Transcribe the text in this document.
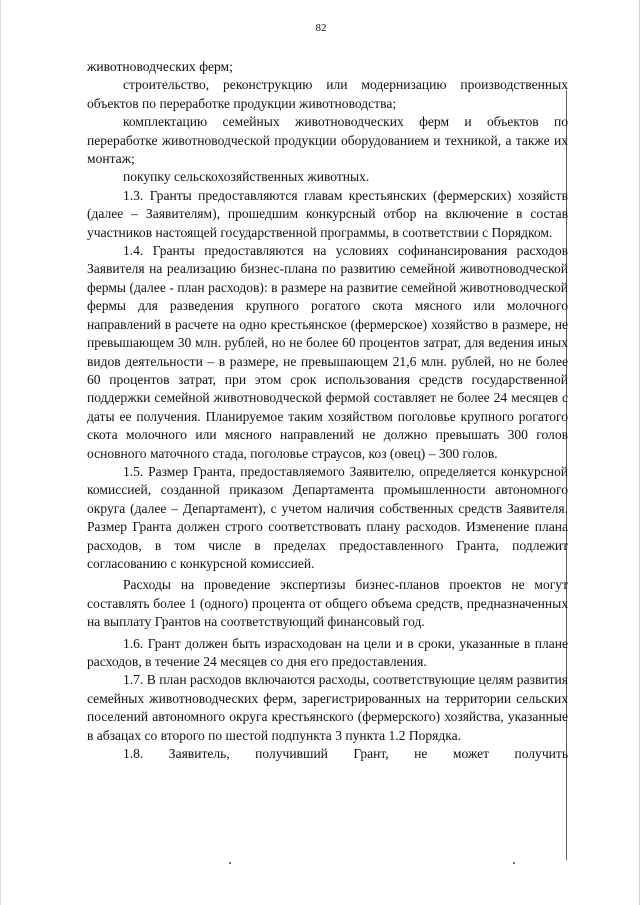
82

животноводческих ферм;

строительство, реконструкцию или модернизацию производственных объектов по переработке продукции животноводства;

комплектацию семейных животноводческих ферм и объектов по переработке животноводческой продукции оборудованием и техникой, а также их монтаж;

покупку сельскохозяйственных животных.

1.3. Гранты предоставляются главам крестьянских (фермерских) хозяйств (далее – Заявителям), прошедшим конкурсный отбор на включение в состав участников настоящей государственной программы, в соответствии с Порядком.

1.4. Гранты предоставляются на условиях софинансирования расходов Заявителя на реализацию бизнес-плана по развитию семейной животноводческой фермы (далее - план расходов): в размере на развитие семейной животноводческой фермы для разведения крупного рогатого скота мясного или молочного направлений в расчете на одно крестьянское (фермерское) хозяйство в размере, не превышающем 30 млн. рублей, но не более 60 процентов затрат, для ведения иных видов деятельности – в размере, не превышающем 21,6 млн. рублей, но не более 60 процентов затрат, при этом срок использования средств государственной поддержки семейной животноводческой фермой составляет не более 24 месяцев с даты ее получения. Планируемое таким хозяйством поголовье крупного рогатого скота молочного или мясного направлений не должно превышать 300 голов основного маточного стада, поголовье страусов, коз (овец) – 300 голов.

1.5. Размер Гранта, предоставляемого Заявителю, определяется конкурсной комиссией, созданной приказом Департамента промышленности автономного округа (далее – Департамент), с учетом наличия собственных средств Заявителя. Размер Гранта должен строго соответствовать плану расходов. Изменение плана расходов, в том числе в пределах предоставленного Гранта, подлежит согласованию с конкурсной комиссией.

Расходы на проведение экспертизы бизнес-планов проектов не могут составлять более 1 (одного) процента от общего объема средств, предназначенных на выплату Грантов на соответствующий финансовый год.

1.6. Грант должен быть израсходован на цели и в сроки, указанные в плане расходов, в течение 24 месяцев со дня его предоставления.

1.7. В план расходов включаются расходы, соответствующие целям развития семейных животноводческих ферм, зарегистрированных на территории сельских поселений автономного округа крестьянского (фермерского) хозяйства, указанные в абзацах со второго по шестой подпункта 3 пункта 1.2 Порядка.

1.8. Заявитель, получивший Грант, не может получить
